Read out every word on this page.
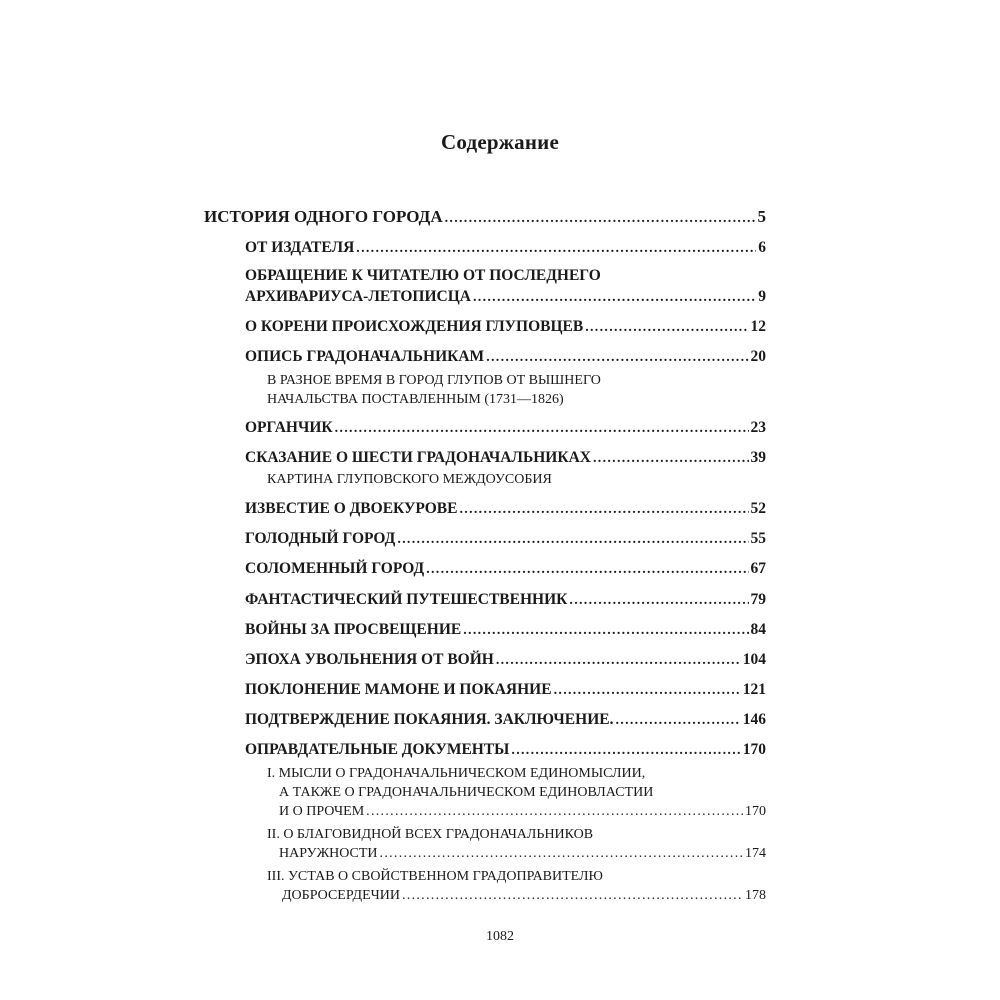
Содержание
ИСТОРИЯ ОДНОГО ГОРОДА . . .	5
ОТ ИЗДАТЕЛЯ . . .	6
ОБРАЩЕНИЕ К ЧИТАТЕЛЮ ОТ ПОСЛЕДНЕГО
АРХИВАРИУСА-ЛЕТОПИСЦА . . .	9
О КОРЕНИ ПРОИСХОЖДЕНИЯ ГЛУПОВЦЕВ . . .	12
ОПИСЬ ГРАДОНАЧАЛЬНИКАМ . . .	20
В РАЗНОЕ ВРЕМЯ В ГОРОД ГЛУПОВ ОТ ВЫШНЕГО
НАЧАЛЬСТВА ПОСТАВЛЕННЫМ (1731—1826)
ОРГАНЧИК . . .	23
СКАЗАНИЕ О ШЕСТИ ГРАДОНАЧАЛЬНИКАХ . . .	39
КАРТИНА ГЛУПОВСКОГО МЕЖДОУСОБИЯ
ИЗВЕСТИЕ О ДВОЕКУРОВЕ . . .	52
ГОЛОДНЫЙ ГОРОД . . .	55
СОЛОМЕННЫЙ ГОРОД . . .	67
ФАНТАСТИЧЕСКИЙ ПУТЕШЕСТВЕННИК . . .	79
ВОЙНЫ ЗА ПРОСВЕЩЕНИЕ . . .	84
ЭПОХА УВОЛЬНЕНИЯ ОТ ВОЙН . . .	104
ПОКЛОНЕНИЕ МАМОНЕ И ПОКАЯНИЕ . . .	121
ПОДТВЕРЖДЕНИЕ ПОКАЯНИЯ. ЗАКЛЮЧЕНИЕ. . . .	146
ОПРАВДАТЕЛЬНЫЕ ДОКУМЕНТЫ . . .	170
I. МЫСЛИ О ГРАДОНАЧАЛЬНИЧЕСКОМ ЕДИНОМЫСЛИИ,
А ТАКЖЕ О ГРАДОНАЧАЛЬНИЧЕСКОМ ЕДИНОВЛАСТИИ
И О ПРОЧЕМ . . .	170
II. О БЛАГОВИДНОЙ ВСЕХ ГРАДОНАЧАЛЬНИКОВ
НАРУЖНОСТИ . . .	174
III. УСТАВ О СВОЙСТВЕННОМ ГРАДОПРАВИТЕЛЮ
ДОБРОСЕРДЕЧИИ . . .	178
1082
